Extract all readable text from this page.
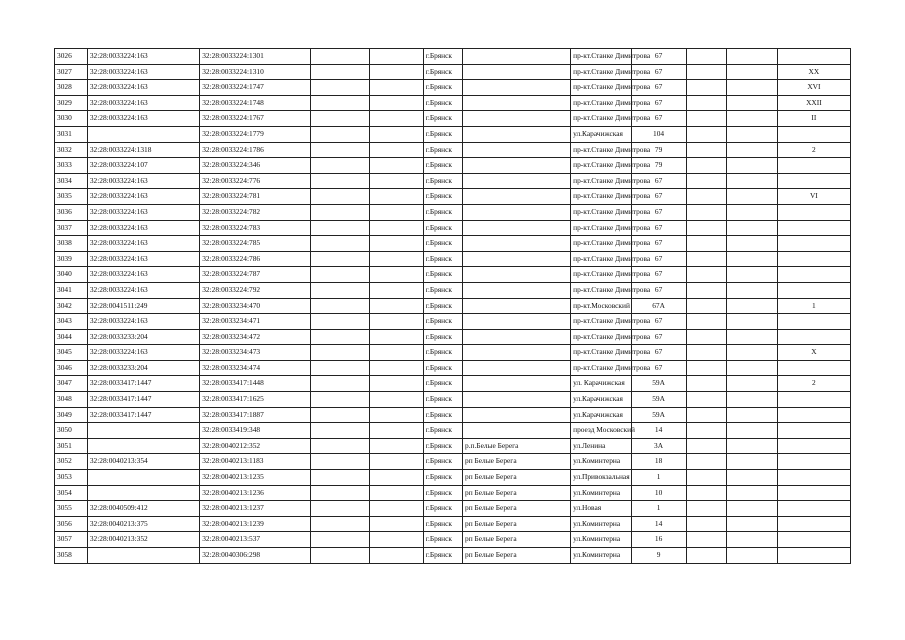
3026	32:28:0033224:163	32:28:0033224:1301			г.Брянск		пр-кт.Станке Димитрова	67			
3027	32:28:0033224:163	32:28:0033224:1310			г.Брянск		пр-кт.Станке Димитрова	67			XX
3028	32:28:0033224:163	32:28:0033224:1747			г.Брянск		пр-кт.Станке Димитрова	67			XVI
3029	32:28:0033224:163	32:28:0033224:1748			г.Брянск		пр-кт.Станке Димитрова	67			XXII
3030	32:28:0033224:163	32:28:0033224:1767			г.Брянск		пр-кт.Станке Димитрова	67			II
3031		32:28:0033224:1779			г.Брянск		ул.Карачижская	104			
3032	32:28:0033224:1318	32:28:0033224:1786			г.Брянск		пр-кт.Станке Димитрова	79			2
3033	32:28:0033224:107	32:28:0033224:346			г.Брянск		пр-кт.Станке Димитрова	79			
3034	32:28:0033224:163	32:28:0033224:776			г.Брянск		пр-кт.Станке Димитрова	67			
3035	32:28:0033224:163	32:28:0033224:781			г.Брянск		пр-кт.Станке Димитрова	67			VI
3036	32:28:0033224:163	32:28:0033224:782			г.Брянск		пр-кт.Станке Димитрова	67			
3037	32:28:0033224:163	32:28:0033224:783			г.Брянск		пр-кт.Станке Димитрова	67			
3038	32:28:0033224:163	32:28:0033224:785			г.Брянск		пр-кт.Станке Димитрова	67			
3039	32:28:0033224:163	32:28:0033224:786			г.Брянск		пр-кт.Станке Димитрова	67			
3040	32:28:0033224:163	32:28:0033224:787			г.Брянск		пр-кт.Станке Димитрова	67			
3041	32:28:0033224:163	32:28:0033224:792			г.Брянск		пр-кт.Станке Димитрова	67			
3042	32:28:0041511:249	32:28:0033234:470			г.Брянск		пр-кт.Московский	67А			1
3043	32:28:0033224:163	32:28:0033234:471			г.Брянск		пр-кт.Станке Димитрова	67			
3044	32:28:0033233:204	32:28:0033234:472			г.Брянск		пр-кт.Станке Димитрова	67			
3045	32:28:0033224:163	32:28:0033234:473			г.Брянск		пр-кт.Станке Димитрова	67			X
3046	32:28:0033233:204	32:28:0033234:474			г.Брянск		пр-кт.Станке Димитрова	67			
3047	32:28:0033417:1447	32:28:0033417:1448			г.Брянск		ул. Карачижская	59А			2
3048	32:28:0033417:1447	32:28:0033417:1625			г.Брянск		ул.Карачижская	59А			
3049	32:28:0033417:1447	32:28:0033417:1887			г.Брянск		ул.Карачижская	59А			
3050		32:28:0033419:348			г.Брянск		проезд Московский	14			
3051		32:28:0040212:352			г.Брянск	р.п.Белые Берега	ул.Ленина	3А			
3052	32:28:0040213:354	32:28:0040213:1183			г.Брянск	рп Белые Берега	ул.Коминтерна	18			
3053		32:28:0040213:1235			г.Брянск	рп Белые Берега	ул.Привокзальная	1			
3054		32:28:0040213:1236			г.Брянск	рп Белые Берега	ул.Коминтерна	10			
3055	32:28:0040509:412	32:28:0040213:1237			г.Брянск	рп Белые Берега	ул.Новая	1			
3056	32:28:0040213:375	32:28:0040213:1239			г.Брянск	рп Белые Берега	ул.Коминтерна	14			
3057	32:28:0040213:352	32:28:0040213:537			г.Брянск	рп Белые Берега	ул.Коминтерна	16			
3058		32:28:0040306:298			г.Брянск	рп Белые Берега	ул.Коминтерна	9			
